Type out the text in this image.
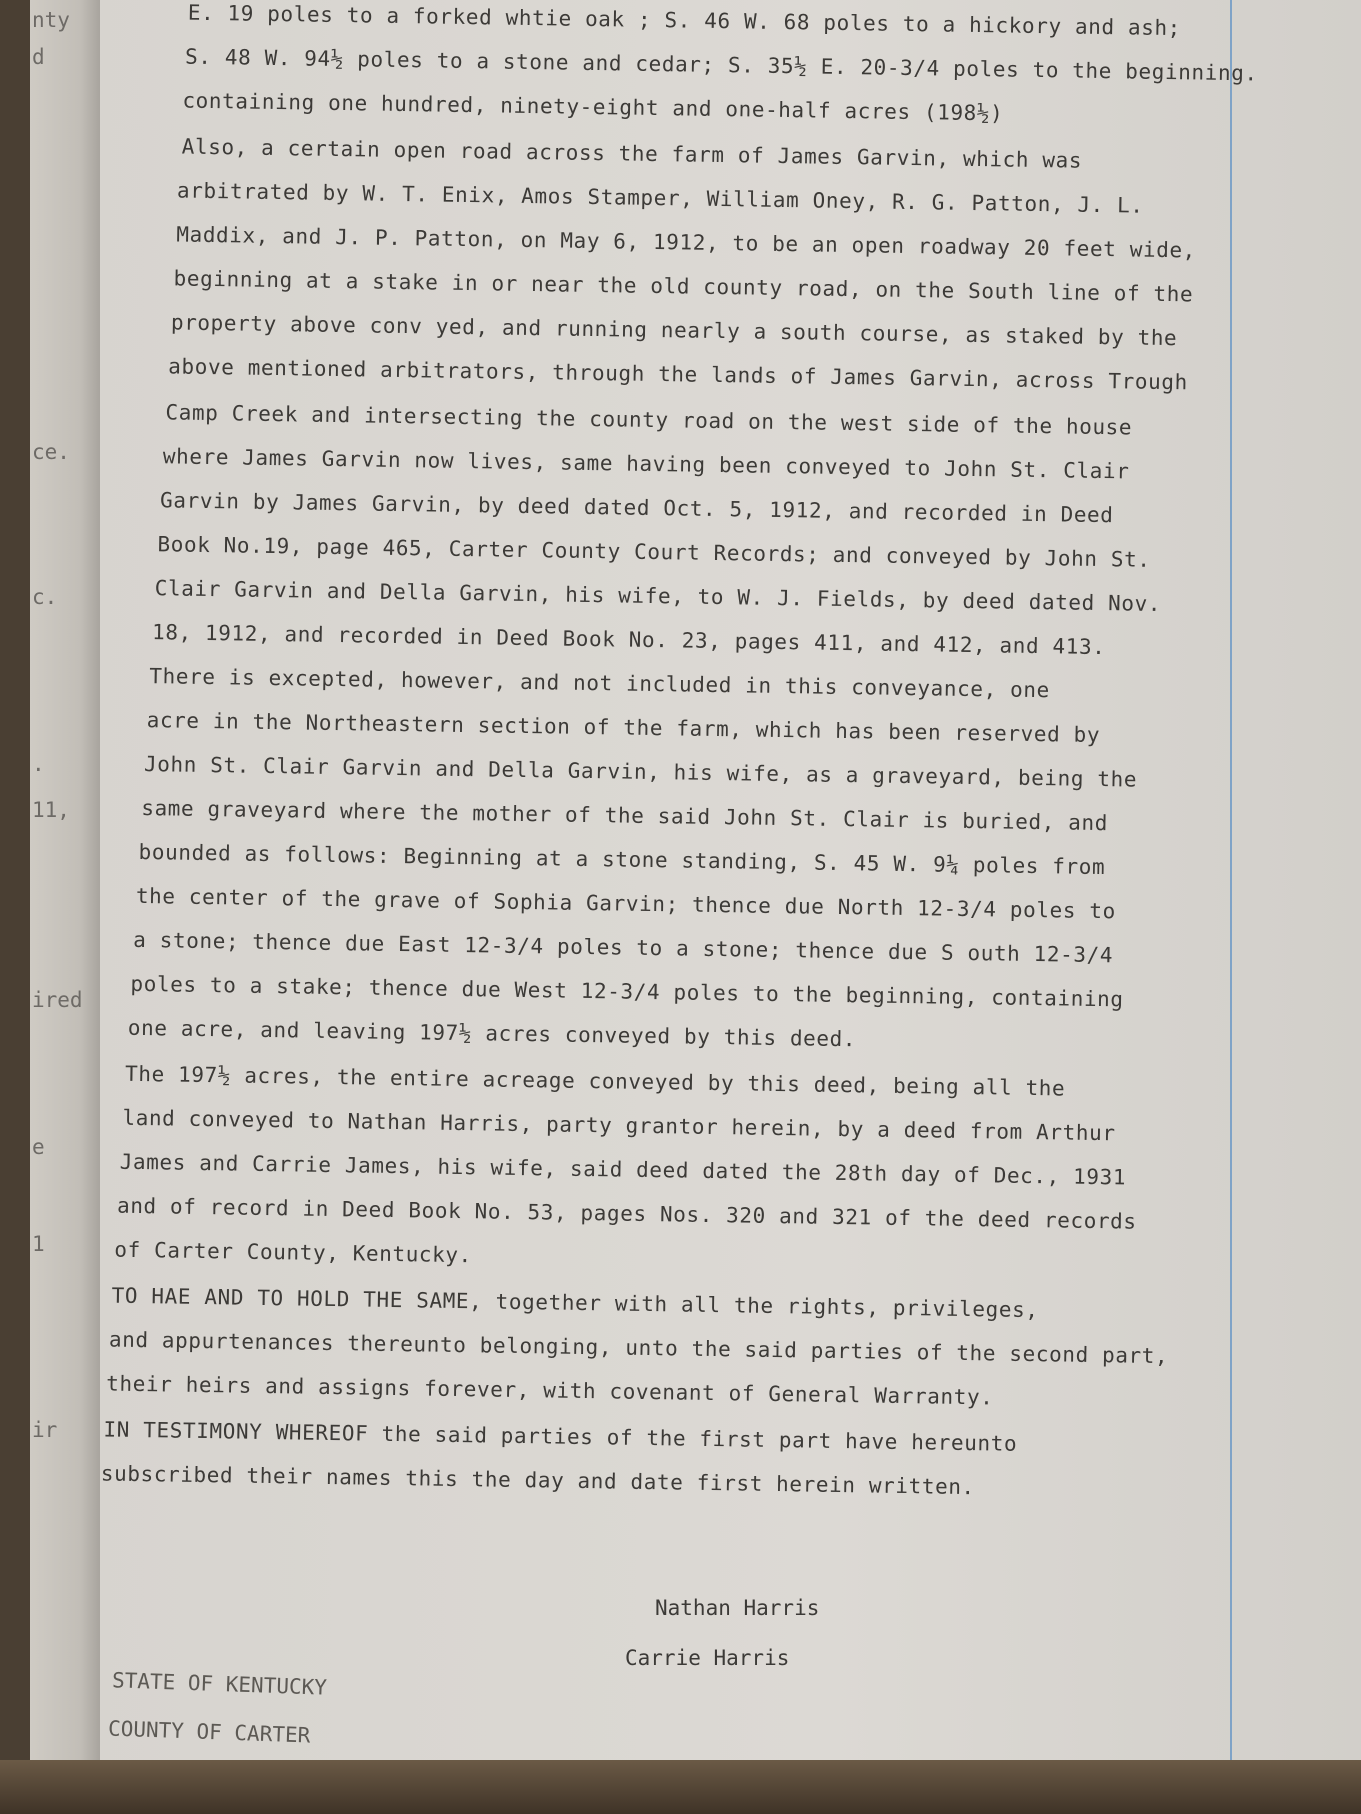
nty
d
ce.
c.
.
11,
ired
e
1
ir
E. 19 poles to a forked whtie oak ; S. 46 W. 68 poles to a hickory and ash;
S. 48 W. 94½ poles to a stone and cedar; S. 35½ E. 20-3/4 poles to the beginning.
containing one hundred, ninety-eight and one-half acres (198½)
Also, a certain open road across the farm of James Garvin, which was
arbitrated by W. T. Enix, Amos Stamper, William Oney, R. G. Patton, J. L.
Maddix, and J. P. Patton, on May 6, 1912, to be an open roadway 20 feet wide,
beginning at a stake in or near the old county road, on the South line of the
property above conv yed, and running nearly a south course, as staked by the
above mentioned arbitrators, through the lands of James Garvin, across Trough
Camp Creek and intersecting the county road on the west side of the house
where James Garvin now lives, same having been conveyed to John St. Clair
Garvin by James Garvin, by deed dated Oct. 5, 1912, and recorded in Deed
Book No.19, page 465, Carter County Court Records; and conveyed by John St.
Clair Garvin and Della Garvin, his wife, to W. J. Fields, by deed dated Nov.
18, 1912, and recorded in Deed Book No. 23, pages 411, and 412, and 413.
There is excepted, however, and not included in this conveyance, one
acre in the Northeastern section of the farm, which has been reserved by
John St. Clair Garvin and Della Garvin, his wife, as a graveyard, being the
same graveyard where the mother of the said John St. Clair is buried, and
bounded as follows: Beginning at a stone standing, S. 45 W. 9¼ poles from
the center of the grave of Sophia Garvin; thence due North 12-3/4 poles to
a stone; thence due East 12-3/4 poles to a stone; thence due S outh 12-3/4
poles to a stake; thence due West 12-3/4 poles to the beginning, containing
one acre, and leaving 197½ acres conveyed by this deed.
The 197½ acres, the entire acreage conveyed by this deed, being all the
land conveyed to Nathan Harris, party grantor herein, by a deed from Arthur
James and Carrie James, his wife, said deed dated the 28th day of Dec., 1931
and of record in Deed Book No. 53, pages Nos. 320 and 321 of the deed records
of Carter County, Kentucky.
TO HAE AND TO HOLD THE SAME, together with all the rights, privileges,
and appurtenances thereunto belonging, unto the said parties of the second part,
their heirs and assigns forever, with covenant of General Warranty.
IN TESTIMONY WHEREOF the said parties of the first part have hereunto
subscribed their names this the day and date first herein written.
Nathan Harris
Carrie Harris
STATE OF KENTUCKY
COUNTY OF CARTER
